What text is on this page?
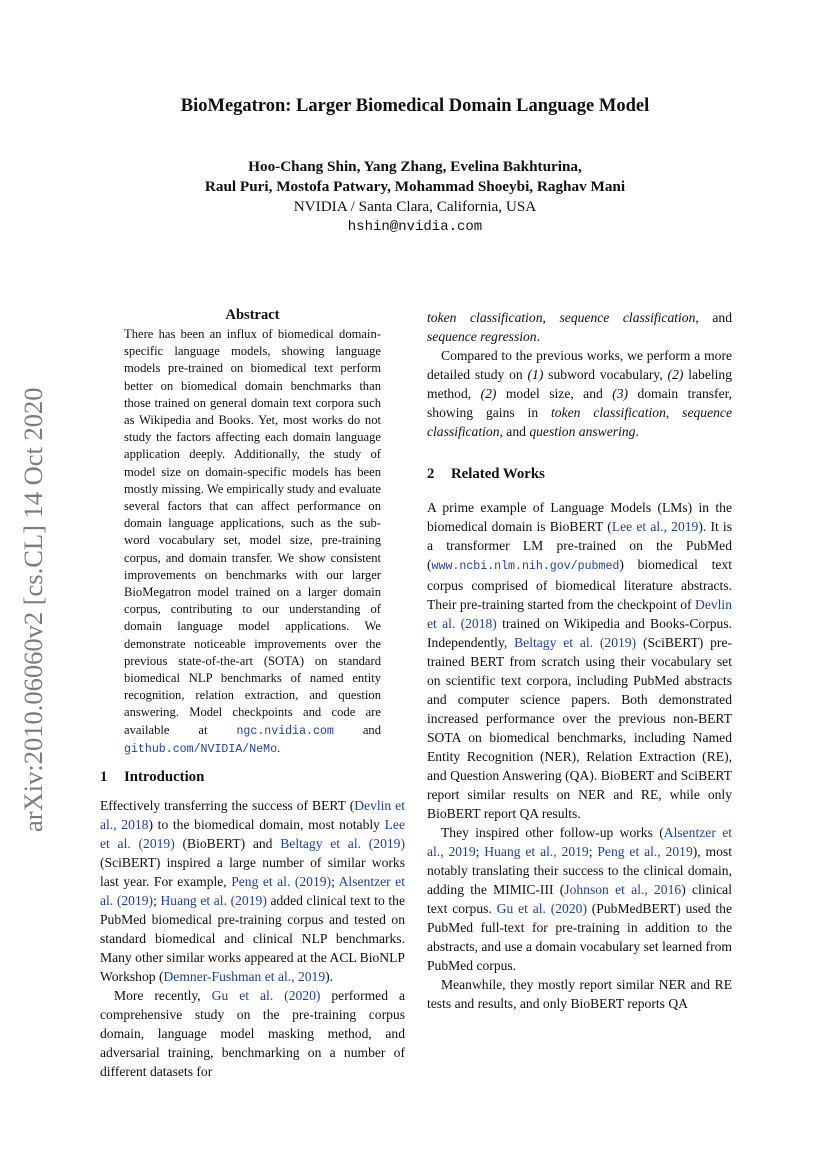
arXiv:2010.06060v2 [cs.CL] 14 Oct 2020
BioMegatron: Larger Biomedical Domain Language Model
Hoo-Chang Shin, Yang Zhang, Evelina Bakhturina,
Raul Puri, Mostofa Patwary, Mohammad Shoeybi, Raghav Mani
NVIDIA / Santa Clara, California, USA
hshin@nvidia.com
Abstract
There has been an influx of biomedical domain-specific language models, showing language models pre-trained on biomedical text perform better on biomedical domain benchmarks than those trained on general domain text corpora such as Wikipedia and Books. Yet, most works do not study the factors affecting each domain language application deeply. Additionally, the study of model size on domain-specific models has been mostly missing. We empirically study and evaluate several factors that can affect performance on domain language applications, such as the sub-word vocabulary set, model size, pre-training corpus, and domain transfer. We show consistent improvements on benchmarks with our larger BioMegatron model trained on a larger domain corpus, contributing to our understanding of domain language model applications. We demonstrate noticeable improvements over the previous state-of-the-art (SOTA) on standard biomedical NLP benchmarks of named entity recognition, relation extraction, and question answering. Model checkpoints and code are available at ngc.nvidia.com and github.com/NVIDIA/NeMo.
1 Introduction

Effectively transferring the success of BERT (Devlin et al., 2018) to the biomedical domain, most notably Lee et al. (2019) (BioBERT) and Beltagy et al. (2019) (SciBERT) inspired a large number of similar works last year. For example, Peng et al. (2019); Alsentzer et al. (2019); Huang et al. (2019) added clinical text to the PubMed biomedical pre-training corpus and tested on standard biomedical and clinical NLP benchmarks. Many other similar works appeared at the ACL BioNLP Workshop (Demner-Fushman et al., 2019).

More recently, Gu et al. (2020) performed a comprehensive study on the pre-training corpus domain, language model masking method, and adversarial training, benchmarking on a number of different datasets for

token classification, sequence classification, and sequence regression.

Compared to the previous works, we perform a more detailed study on (1) subword vocabulary, (2) labeling method, (2) model size, and (3) domain transfer, showing gains in token classification, sequence classification, and question answering.

2 Related Works

A prime example of Language Models (LMs) in the biomedical domain is BioBERT (Lee et al., 2019). It is a transformer LM pre-trained on the PubMed (www.ncbi.nlm.nih.gov/pubmed) biomedical text corpus comprised of biomedical literature abstracts. Their pre-training started from the checkpoint of Devlin et al. (2018) trained on Wikipedia and Books-Corpus. Independently, Beltagy et al. (2019) (SciBERT) pre-trained BERT from scratch using their vocabulary set on scientific text corpora, including PubMed abstracts and computer science papers. Both demonstrated increased performance over the previous non-BERT SOTA on biomedical benchmarks, including Named Entity Recognition (NER), Relation Extraction (RE), and Question Answering (QA). BioBERT and SciBERT report similar results on NER and RE, while only BioBERT report QA results.

They inspired other follow-up works (Alsentzer et al., 2019; Huang et al., 2019; Peng et al., 2019), most notably translating their success to the clinical domain, adding the MIMIC-III (Johnson et al., 2016) clinical text corpus. Gu et al. (2020) (PubMedBERT) used the PubMed full-text for pre-training in addition to the abstracts, and use a domain vocabulary set learned from PubMed corpus.

Meanwhile, they mostly report similar NER and RE tests and results, and only BioBERT reports QA
